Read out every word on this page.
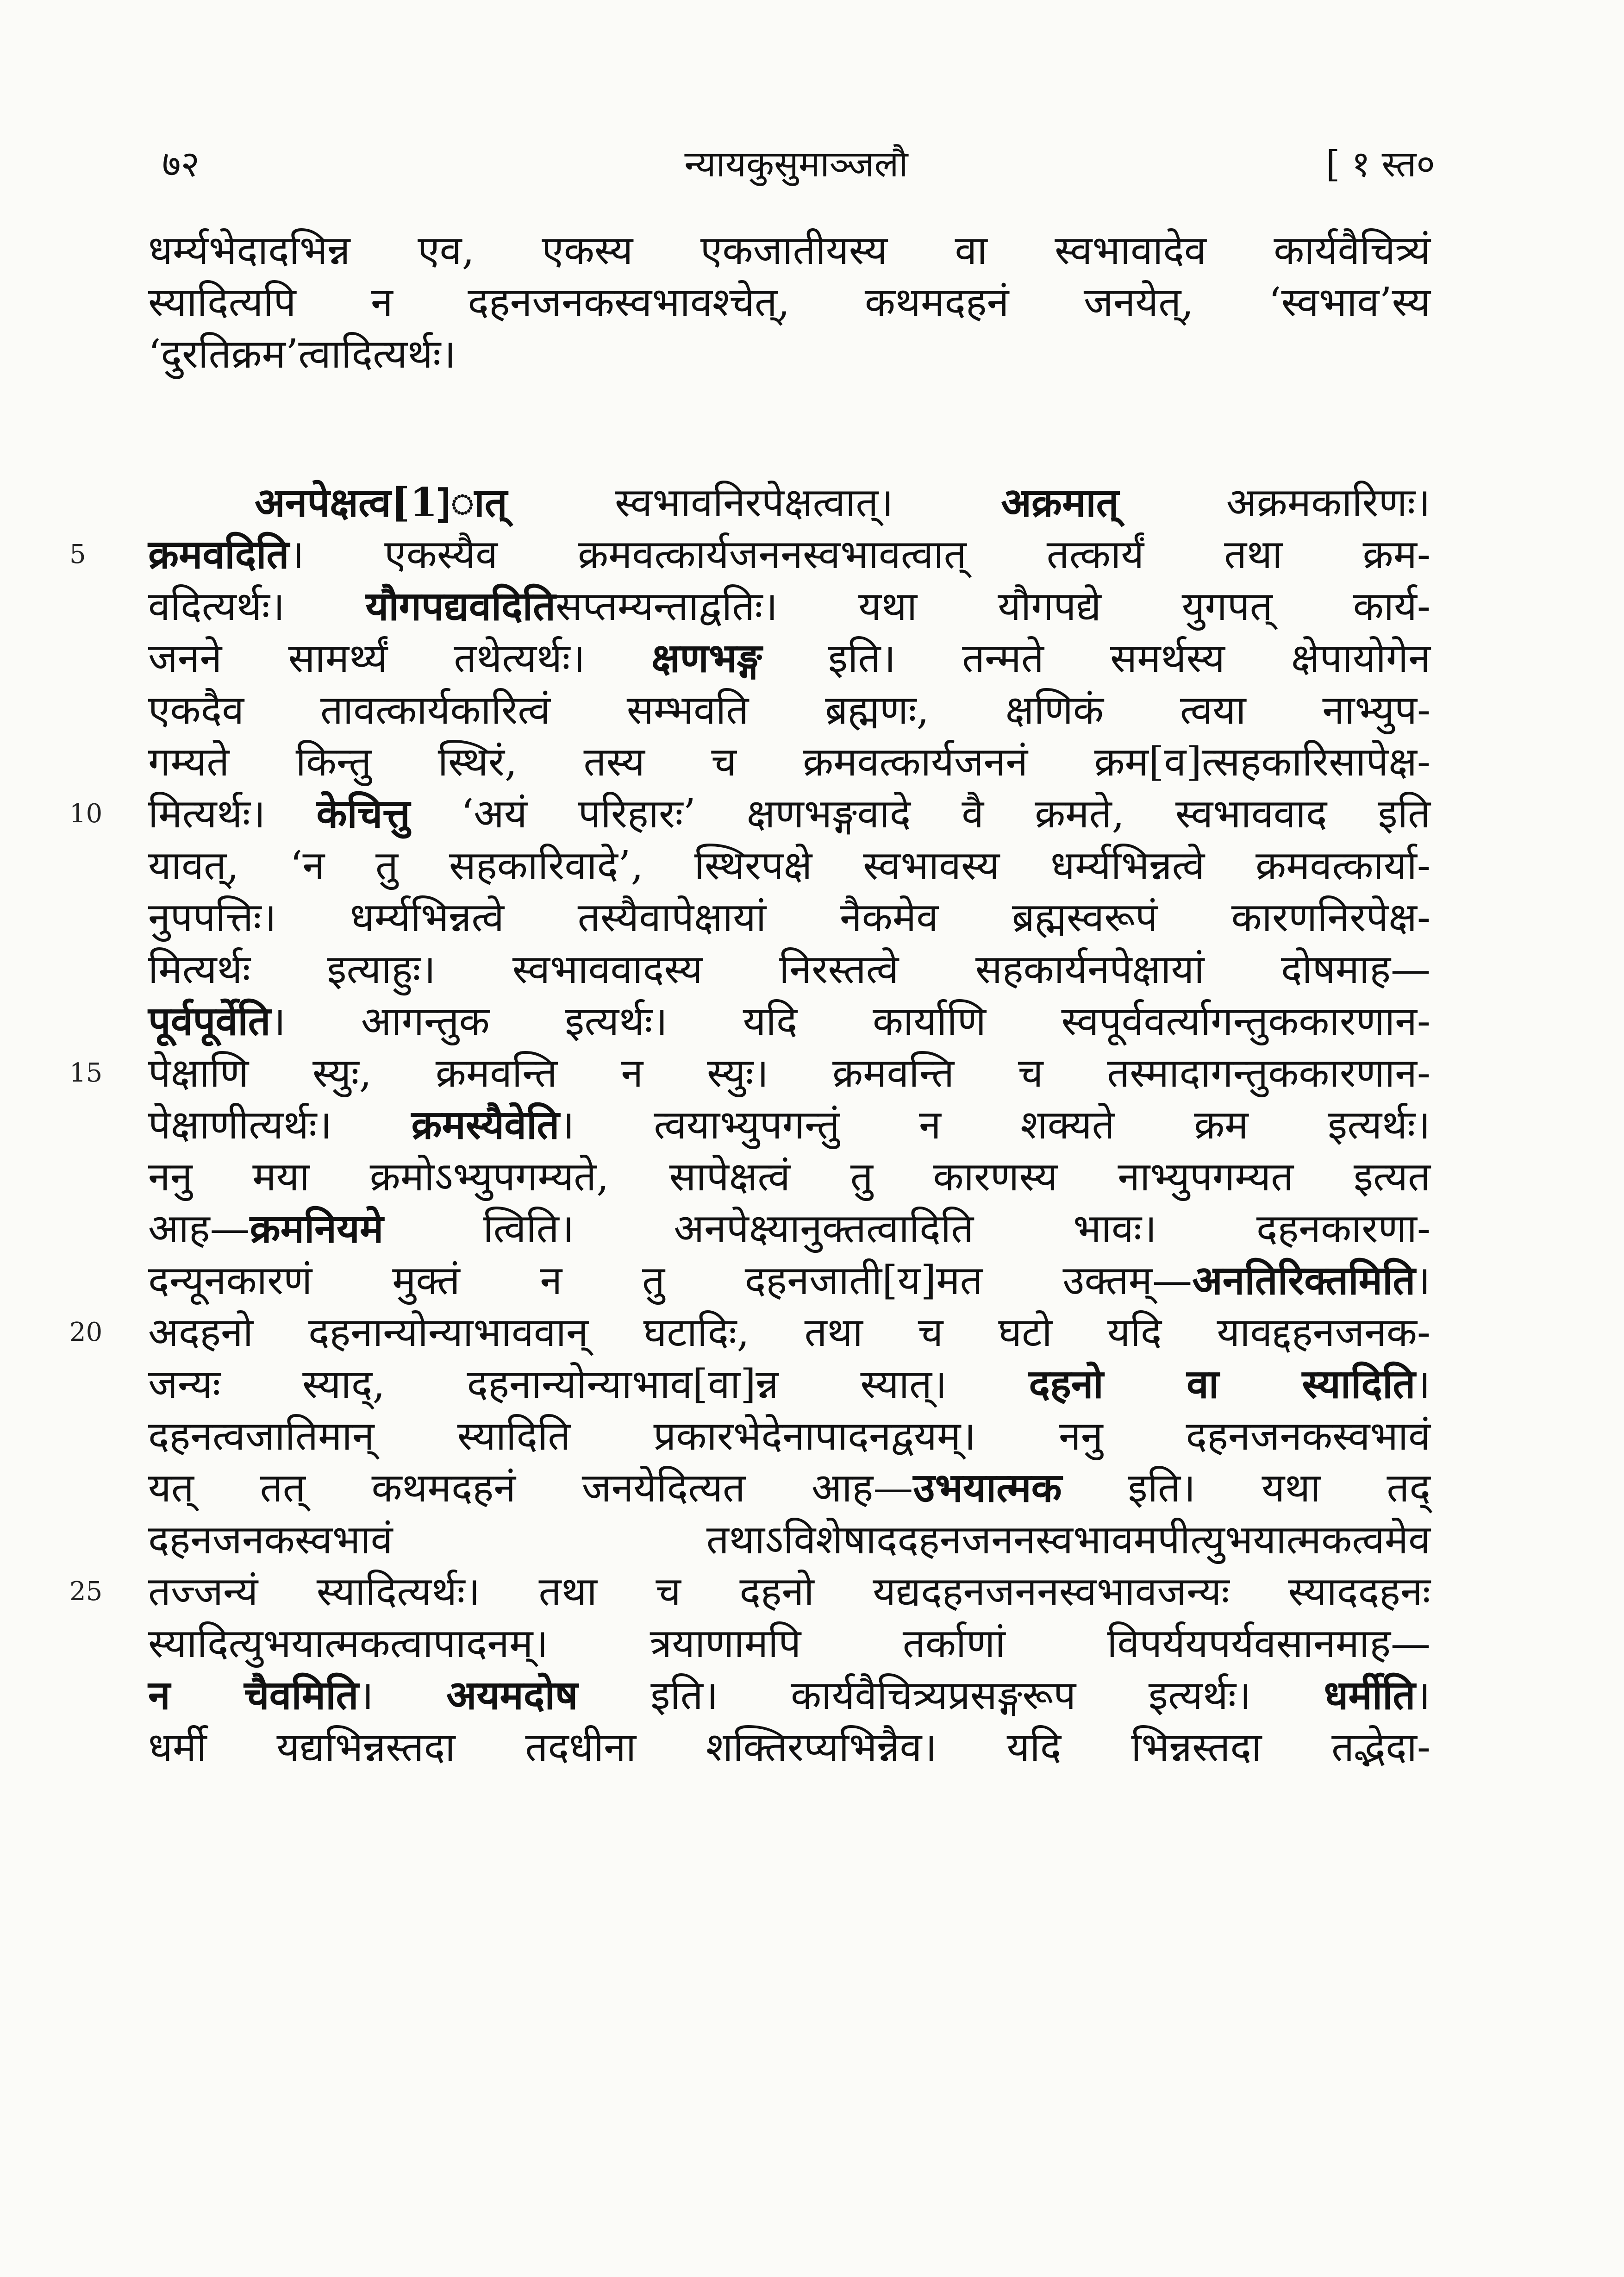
न्यायकुसुमाञ्जलौ
७२	[ १ स्त०
धर्म्यभेदादभिन्न एव, एकस्य एकजातीयस्य वा स्वभावादेव कार्यवैचित्र्यं
स्यादित्यपि न दहनजनकस्वभावश्चेत्, कथमदहनं जनयेत्, ‘स्वभाव’स्य
‘दुरतिक्रम’त्वादित्यर्थः।
अनपेक्षत्व[1]ात् स्वभावनिरपेक्षत्वात्। अक्रमात् अक्रमकारिणः।
5	क्रमवदिति। एकस्यैव क्रमवत्कार्यजननस्वभावत्वात् तत्कार्यं तथा क्रम-
वदित्यर्थः। यौगपद्यवदितिसप्तम्यन्ताद्वतिः। यथा यौगपद्ये युगपत् कार्य-
जनने सामर्थ्यं तथेत्यर्थः। क्षणभङ्ग इति। तन्मते समर्थस्य क्षेपायोगेन
एकदैव तावत्कार्यकारित्वं सम्भवति ब्रह्मणः, क्षणिकं त्वया नाभ्युप-
गम्यते किन्तु स्थिरं, तस्य च क्रमवत्कार्यजननं क्रम[व]त्सहकारिसापेक्ष-
10	मित्यर्थः। केचित्तु ‘अयं परिहारः’ क्षणभङ्गवादे वै क्रमते, स्वभाववाद इति
यावत्, ‘न तु सहकारिवादे’, स्थिरपक्षे स्वभावस्य धर्म्यभिन्नत्वे क्रमवत्कार्या-
नुपपत्तिः। धर्म्यभिन्नत्वे तस्यैवापेक्षायां नैकमेव ब्रह्मस्वरूपं कारणनिरपेक्ष-
मित्यर्थः इत्याहुः। स्वभाववादस्य निरस्तत्वे सहकार्यनपेक्षायां दोषमाह—
पूर्वपूर्वेति। आगन्तुक इत्यर्थः। यदि कार्याणि स्वपूर्ववर्त्यागन्तुककारणान-
15	पेक्षाणि स्युः, क्रमवन्ति न स्युः। क्रमवन्ति च तस्मादागन्तुककारणान-
पेक्षाणीत्यर्थः। क्रमस्यैवेति। त्वयाभ्युपगन्तुं न शक्यते क्रम इत्यर्थः।
ननु मया क्रमोऽभ्युपगम्यते, सापेक्षत्वं तु कारणस्य नाभ्युपगम्यत इत्यत
आह—क्रमनियमे त्विति। अनपेक्ष्यानुक्तत्वादिति भावः। दहनकारणा-
दन्यूनकारणं मुक्तं न तु दहनजाती[य]मत उक्तम्—अनतिरिक्तमिति।
20	अदहनो दहनान्योन्याभाववान् घटादिः, तथा च घटो यदि यावद्दहनजनक-
जन्यः स्याद्, दहनान्योन्याभाव[वा]न्न स्यात्। दहनो वा स्यादिति।
दहनत्वजातिमान् स्यादिति प्रकारभेदेनापादनद्वयम्। ननु दहनजनकस्वभावं
यत् तत् कथमदहनं जनयेदित्यत आह—उभयात्मक इति। यथा तद्
दहनजनकस्वभावं तथाऽविशेषाददहनजननस्वभावमपीत्युभयात्मकत्वमेव
25	तज्जन्यं स्यादित्यर्थः। तथा च दहनो यद्यदहनजननस्वभावजन्यः स्याददहनः
स्यादित्युभयात्मकत्वापादनम्। त्रयाणामपि तर्काणां विपर्ययपर्यवसानमाह—
न चैवमिति। अयमदोष इति। कार्यवैचित्र्यप्रसङ्गरूप इत्यर्थः। धर्मीति।
धर्मी यद्यभिन्नस्तदा तदधीना शक्तिरप्यभिन्नैव। यदि भिन्नस्तदा तद्भेदा-
